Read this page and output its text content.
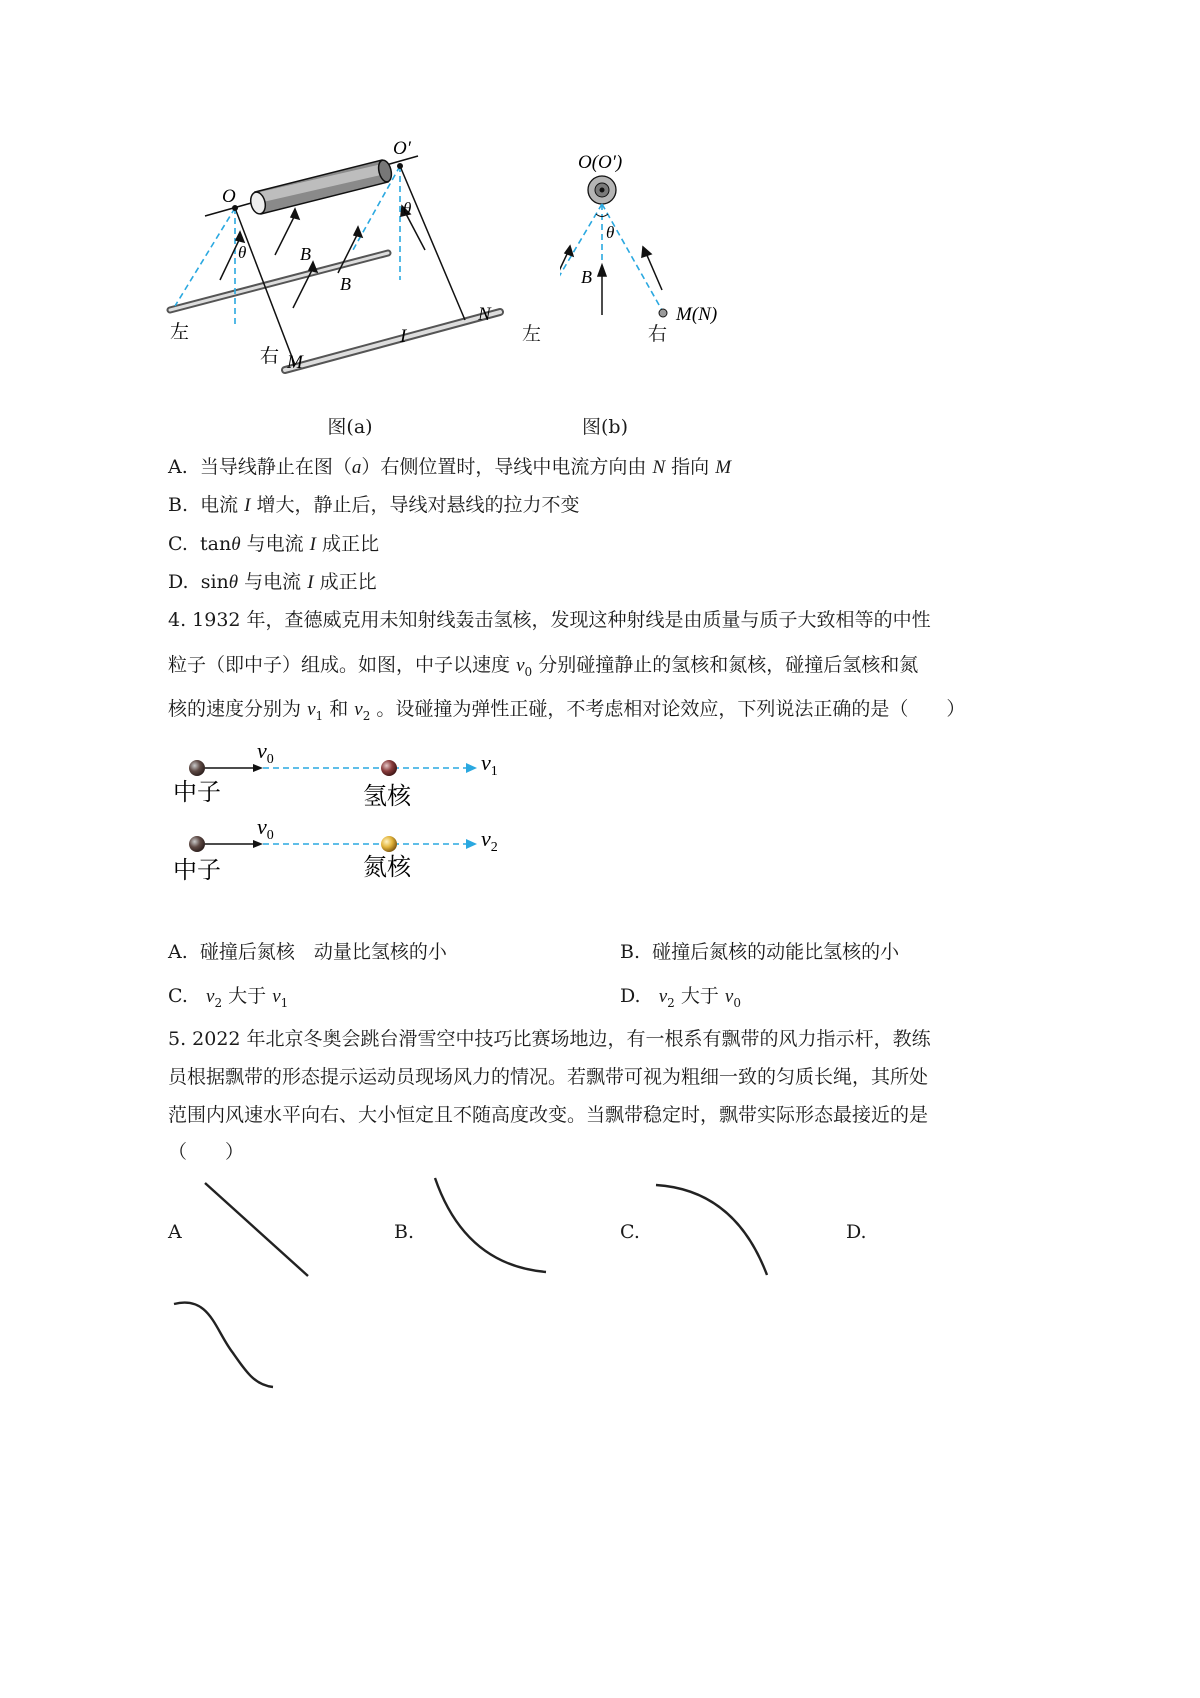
O
O′
θ
θ
B
B
N
I
M
左
右
图(a)
O(O′)
θ
B
M(N)
左	右
图(b)
A. 当导线静止在图（a）右侧位置时，导线中电流方向由 N 指向 M
B. 电流 I 增大，静止后，导线对悬线的拉力不变
C. tanθ 与电流 I 成正比
D. sinθ 与电流 I 成正比
4. 1932 年，查德威克用未知射线轰击氢核，发现这种射线是由质量与质子大致相等的中性
粒子（即中子）组成。如图，中子以速度 $v_0$ 分别碰撞静止的氢核和氮核，碰撞后氢核和氮
核的速度分别为 $v_1$ 和 $v_2$ 。设碰撞为弹性正碰，不考虑相对论效应，下列说法正确的是（　　）
$v_0$	$v_1$
$v_0$	$v_2$
中子	氢核
中子	氮核
A. 碰撞后氮核　动量比氢核的小	B. 碰撞后氮核的动能比氢核的小
C. $v_2$ 大于 $v_1$	D. $v_2$ 大于 $v_0$
5. 2022 年北京冬奥会跳台滑雪空中技巧比赛场地边，有一根系有飘带的风力指示杆，教练
员根据飘带的形态提示运动员现场风力的情况。若飘带可视为粗细一致的匀质长绳，其所处
范围内风速水平向右、大小恒定且不随高度改变。当飘带稳定时，飘带实际形态最接近的是
（　　）
A	B.	C.	D.
